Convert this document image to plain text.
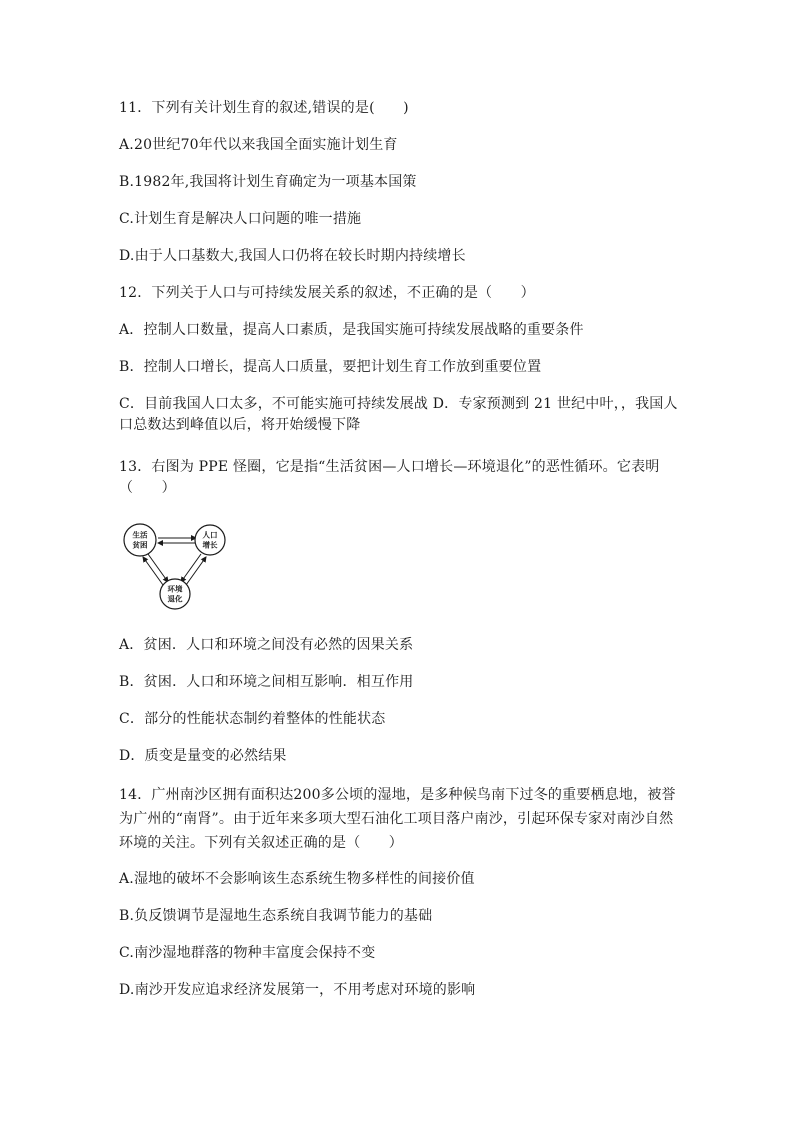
11．下列有关计划生育的叙述,错误的是(　　)
A.20世纪70年代以来我国全面实施计划生育
B.1982年,我国将计划生育确定为一项基本国策
C.计划生育是解决人口问题的唯一措施
D.由于人口基数大,我国人口仍将在较长时期内持续增长
12．下列关于人口与可持续发展关系的叙述，不正确的是（　　）
A．控制人口数量，提高人口素质，是我国实施可持续发展战略的重要条件
B．控制人口增长，提高人口质量，要把计划生育工作放到重要位置
C．目前我国人口太多，不可能实施可持续发展战 D．专家预测到 21 世纪中叶，，我国人口总数达到峰值以后，将开始缓慢下降
13．右图为 PPE 怪圈，它是指“生活贫困—人口增长—环境退化”的恶性循环。它表明（　　）
生活
贫困
人口
增长
环境
退化
A．贫困．人口和环境之间没有必然的因果关系
B．贫困．人口和环境之间相互影响．相互作用
C．部分的性能状态制约着整体的性能状态
D．质变是量变的必然结果
14．广州南沙区拥有面积达200多公顷的湿地，是多种候鸟南下过冬的重要栖息地，被誉为广州的“南肾”。由于近年来多项大型石油化工项目落户南沙，引起环保专家对南沙自然环境的关注。下列有关叙述正确的是（　　）
A.湿地的破坏不会影响该生态系统生物多样性的间接价值
B.负反馈调节是湿地生态系统自我调节能力的基础
C.南沙湿地群落的物种丰富度会保持不变
D.南沙开发应追求经济发展第一，不用考虑对环境的影响
